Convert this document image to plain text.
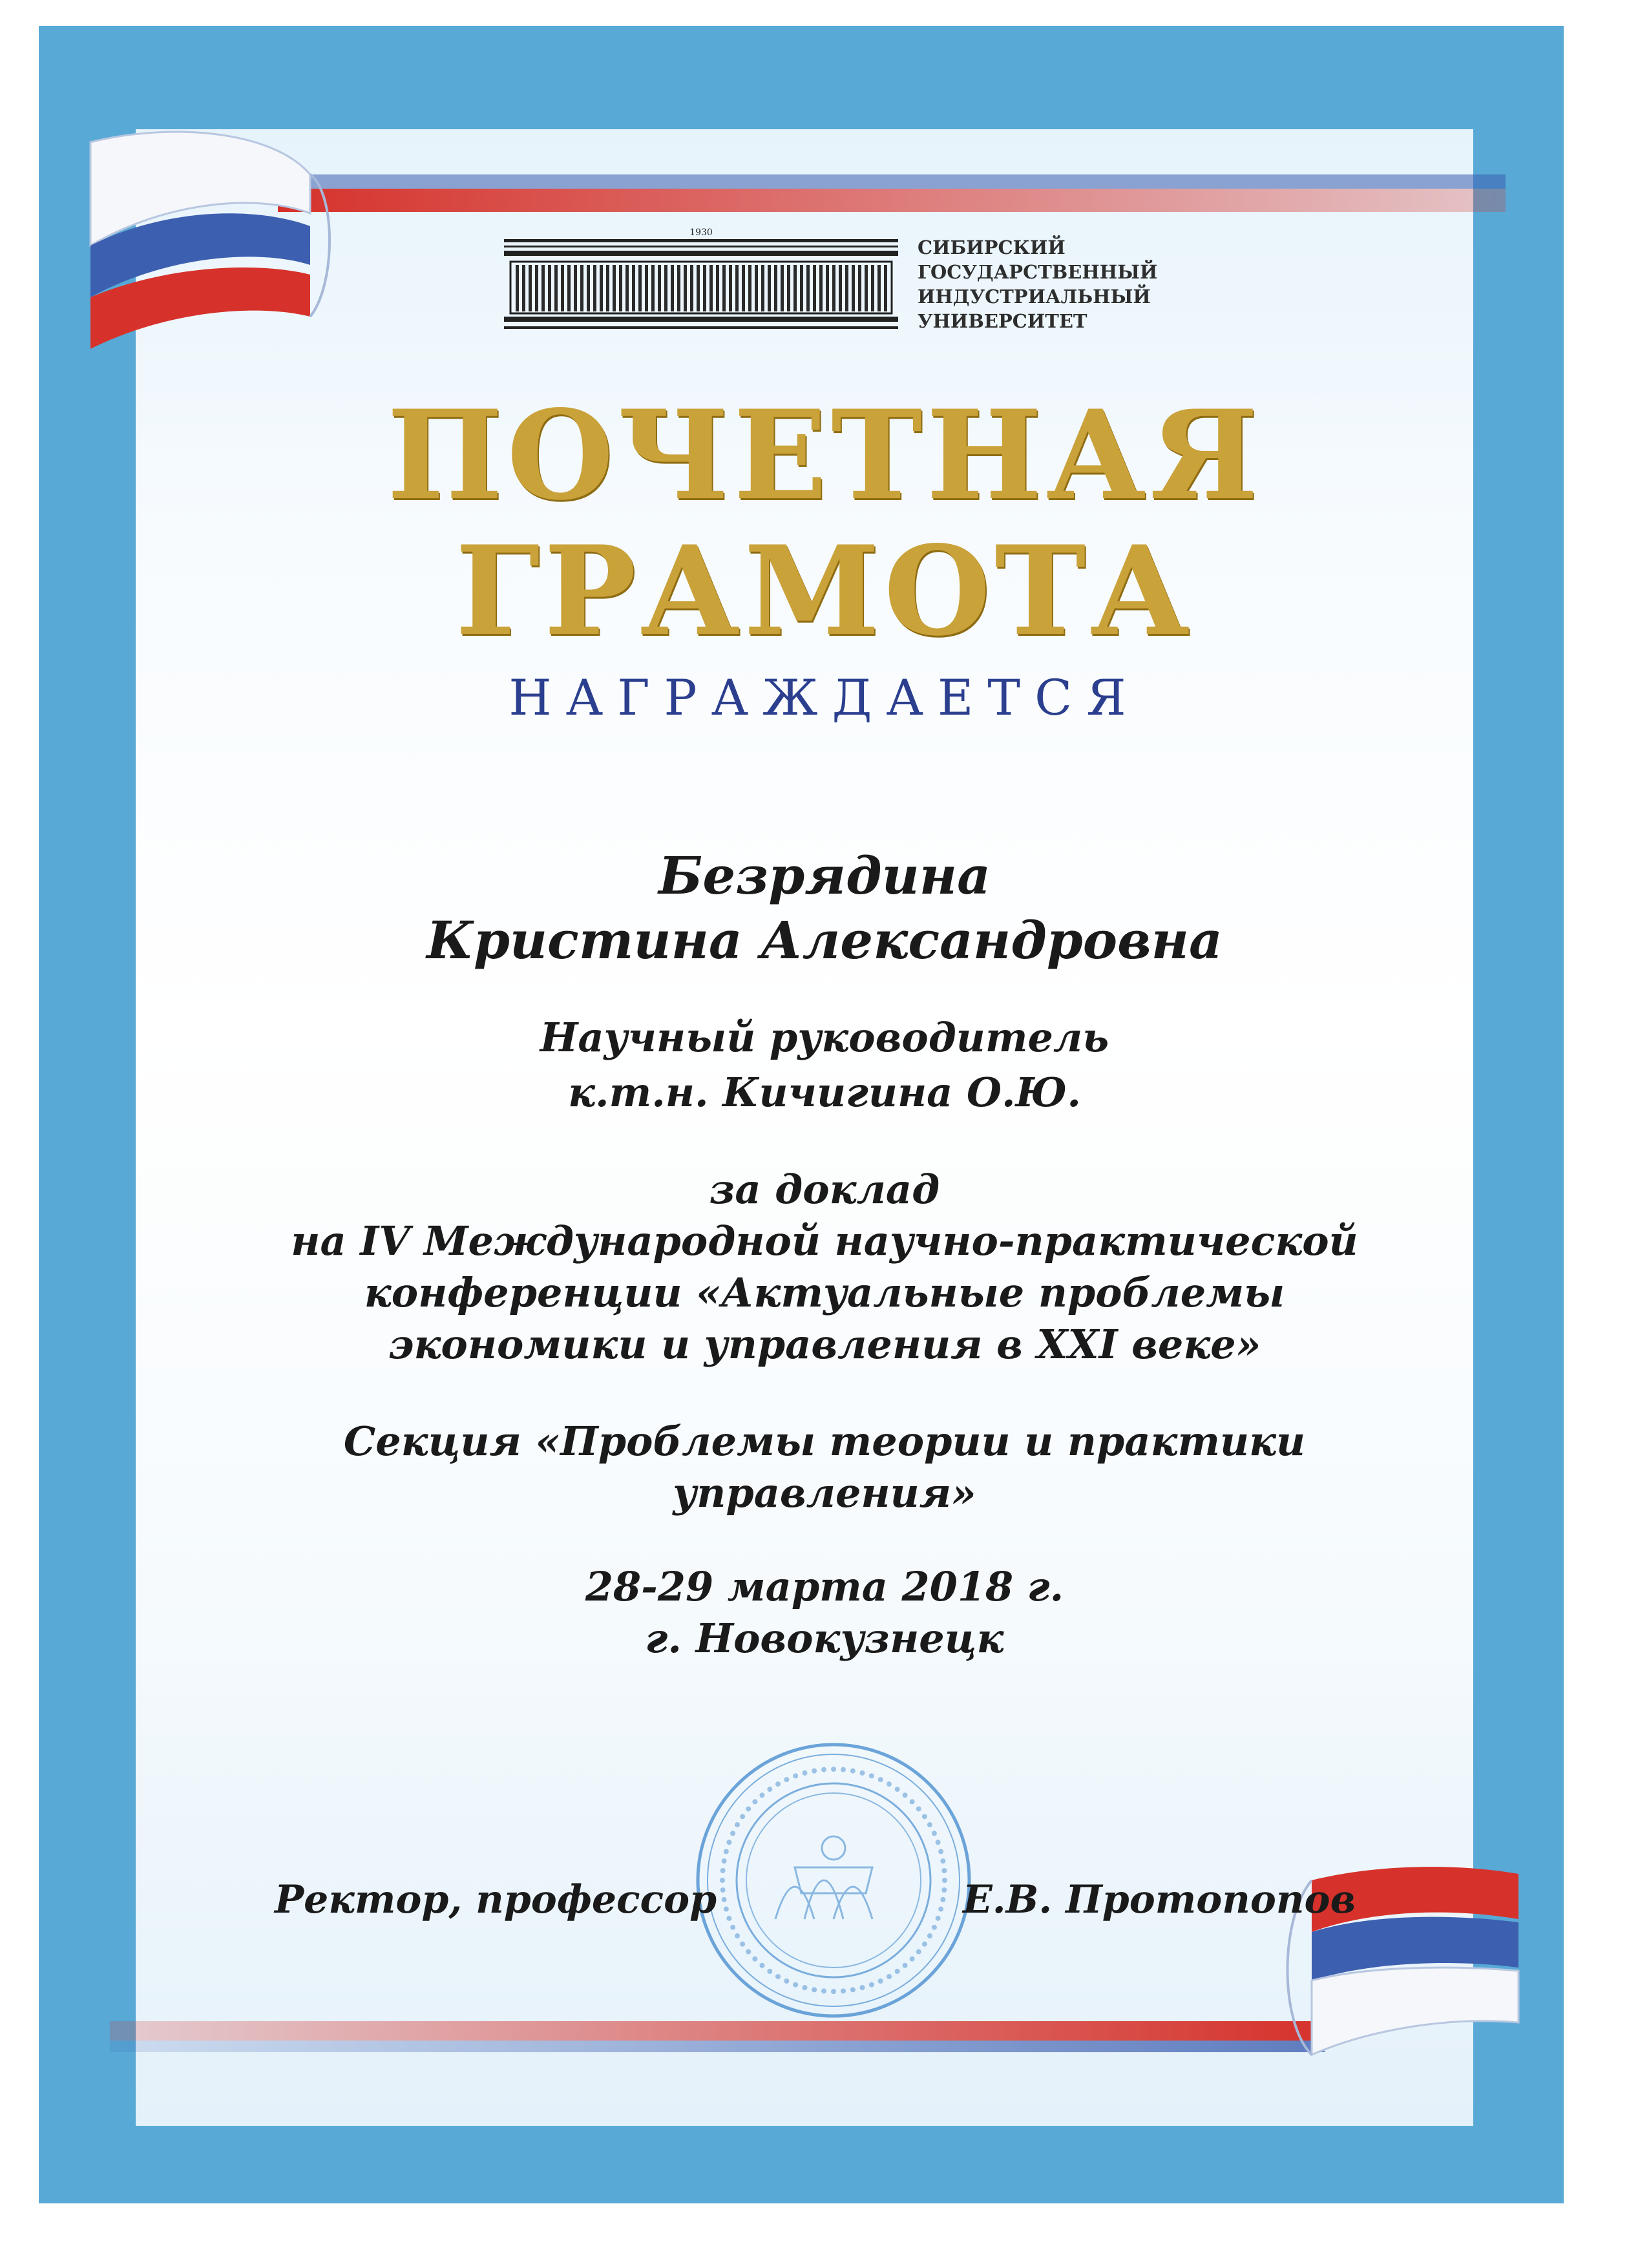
1930
СИБИРСКИЙ
ГОСУДАРСТВЕННЫЙ
ИНДУСТРИАЛЬНЫЙ
УНИВЕРСИТЕТ
ПОЧЕТНАЯ
ГРАМОТА
НАГРАЖДАЕТСЯ
Безрядина
Кристина Александровна
Научный руководитель
к.т.н. Кичигина О.Ю.
за доклад
на IV Международной научно-практической
конференции «Актуальные проблемы
экономики и управления в XXI веке»
Секция «Проблемы теории и практики
управления»
28-29 марта 2018 г.
г. Новокузнецк
Ректор, профессор	Е.В. Протопопов
